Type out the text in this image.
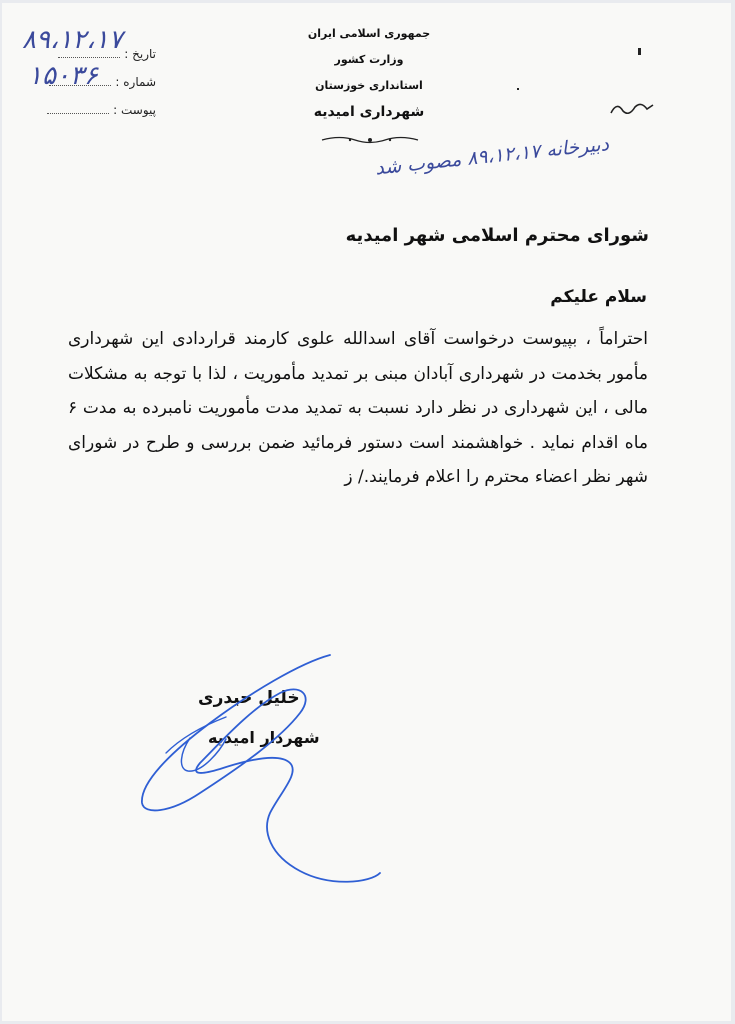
۸۹،۱۲،۱۷
۱۵۰۳۶
تاریخ :
شماره :
پیوست :
جمهوری اسلامی ایران
وزارت کشور
استانداری خوزستان
شهرداری امیدیه
دبیرخانه ۸۹،۱۲،۱۷ مصوب شد
شورای محترم اسلامی شهر امیدیه
سلام علیکم

احتراماً ، بپیوست درخواست آقای اسدالله علوی کارمند قراردادی این شهرداری مأمور بخدمت در شهرداری آبادان مبنی بر تمدید مأموریت ، لذا با توجه به مشکلات مالی ، این شهرداری در نظر دارد نسبت به تمدید مدت مأموریت نامبرده به مدت ۶ ماه اقدام نماید . خواهشمند است دستور فرمائید ضمن بررسی و طرح در شورای شهر نظر اعضاء محترم را اعلام فرمایند./ ز

خلیل حیدری
شهردار امیدیه
